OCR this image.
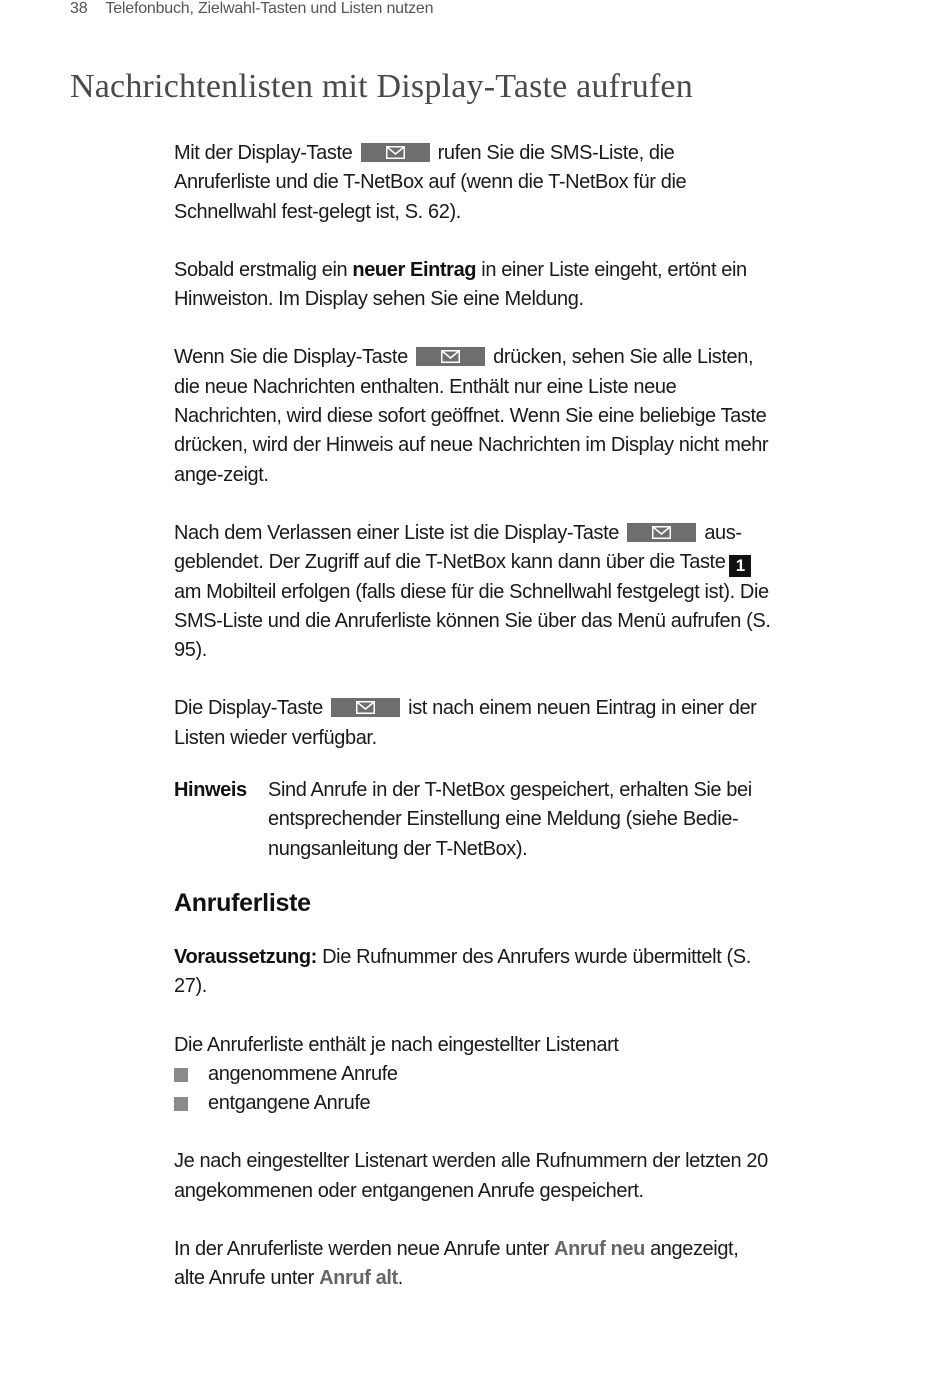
38 Telefonbuch, Zielwahl-Tasten und Listen nutzen
Nachrichtenlisten mit Display-Taste aufrufen

Mit der Display-Taste	rufen Sie die SMS-Liste, die Anruferliste und die T-NetBox auf (wenn die T-NetBox für die Schnellwahl fest-gelegt ist, S. 62).

Sobald erstmalig ein neuer Eintrag in einer Liste eingeht, ertönt ein Hinweiston. Im Display sehen Sie eine Meldung.

Wenn Sie die Display-Taste	drücken, sehen Sie alle Listen, die neue Nachrichten enthalten. Enthält nur eine Liste neue Nachrichten, wird diese sofort geöffnet. Wenn Sie eine beliebige Taste drücken, wird der Hinweis auf neue Nachrichten im Display nicht mehr ange-zeigt.

Nach dem Verlassen einer Liste ist die Display-Taste	aus-geblendet. Der Zugriff auf die T-NetBox kann dann über die Taste 1 am Mobilteil erfolgen (falls diese für die Schnellwahl festgelegt ist). Die SMS-Liste und die Anruferliste können Sie über das Menü aufrufen (S. 95).

Die Display-Taste	ist nach einem neuen Eintrag in einer der Listen wieder verfügbar.

Hinweis	Sind Anrufe in der T-NetBox gespeichert, erhalten Sie bei entsprechender Einstellung eine Meldung (siehe Bedie-nungsanleitung der T-NetBox).
Anruferliste

Voraussetzung: Die Rufnummer des Anrufers wurde übermittelt (S. 27).

Die Anruferliste enthält je nach eingestellter Listenart

angenommene Anrufe
entgangene Anrufe

Je nach eingestellter Listenart werden alle Rufnummern der letzten 20 angekommenen oder entgangenen Anrufe gespeichert.

In der Anruferliste werden neue Anrufe unter Anruf neu angezeigt, alte Anrufe unter Anruf alt.
